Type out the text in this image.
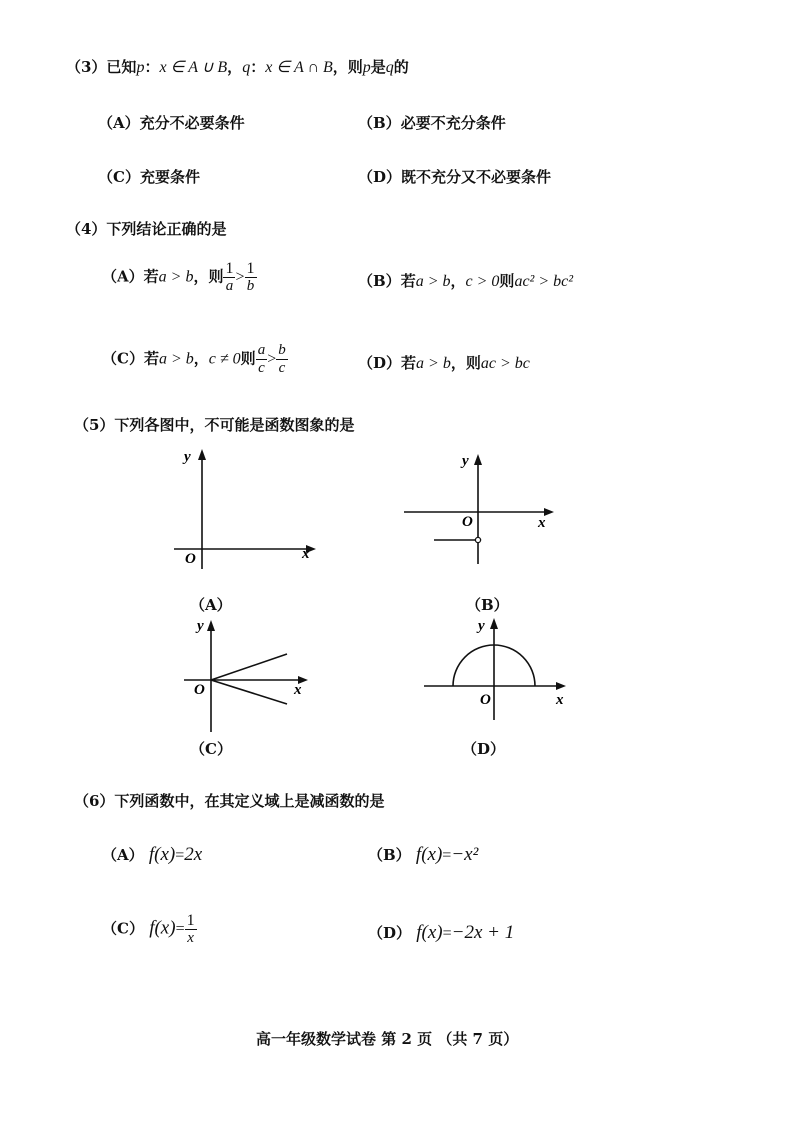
（3）已知p：x ∈ A ∪ B，q：x ∈ A ∩ B，则p是q的
（A）充分不必要条件	（B）必要不充分条件
（C）充要条件	（D）既不充分又不必要条件
（4）下列结论正确的是
（A）若a > b，则 $\frac{1}{a} > \frac{1}{b}$	（B）若a > b，c > 0则ac² > bc²
（C）若a > b，c ≠ 0则 $\frac{a}{c} > \frac{b}{c}$	（D）若a > b，则ac > bc
（5）下列各图中，不可能是函数图象的是
y
x
O
（A）
y
x
O
（B）
y
x
O
（C）
y
x
O
（D）
（6）下列函数中，在其定义域上是减函数的是
（A） f(x)=2x	（B） f(x)=−x²
（C） $f(x)= \frac{1}{x}$	（D） f(x)=−2x + 1
高一年级数学试卷 第 2 页 （共 7 页）
